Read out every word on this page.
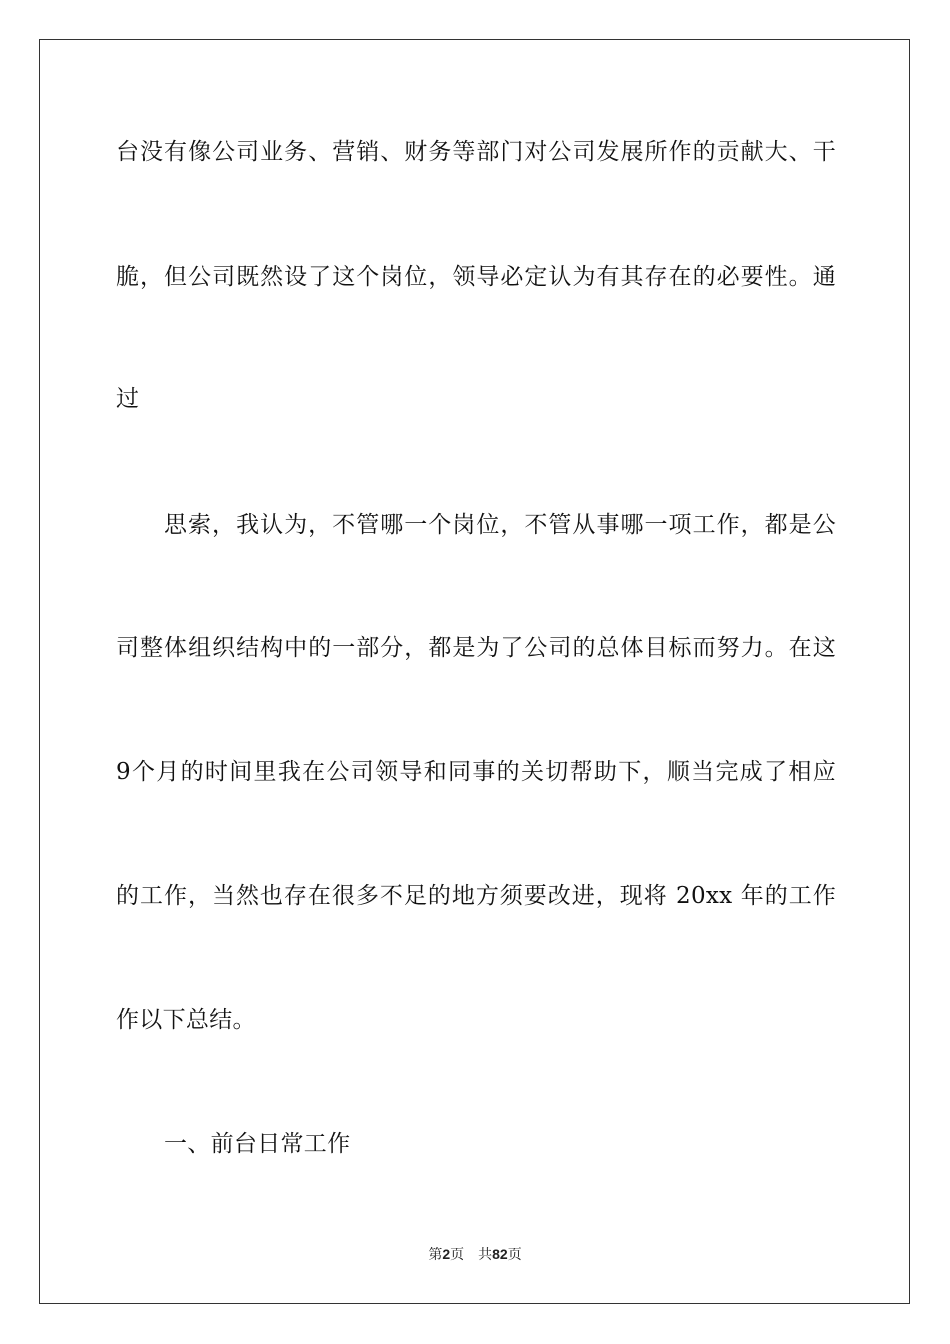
台没有像公司业务、营销、财务等部门对公司发展所作的贡献大、干
脆，但公司既然设了这个岗位，领导必定认为有其存在的必要性。通
过
思索，我认为，不管哪一个岗位，不管从事哪一项工作，都是公
司整体组织结构中的一部分，都是为了公司的总体目标而努力。在这
9个月的时间里我在公司领导和同事的关切帮助下，顺当完成了相应
的工作，当然也存在很多不足的地方须要改进，现将 20xx 年的工作
作以下总结。
一、前台日常工作
第2页 共82页
